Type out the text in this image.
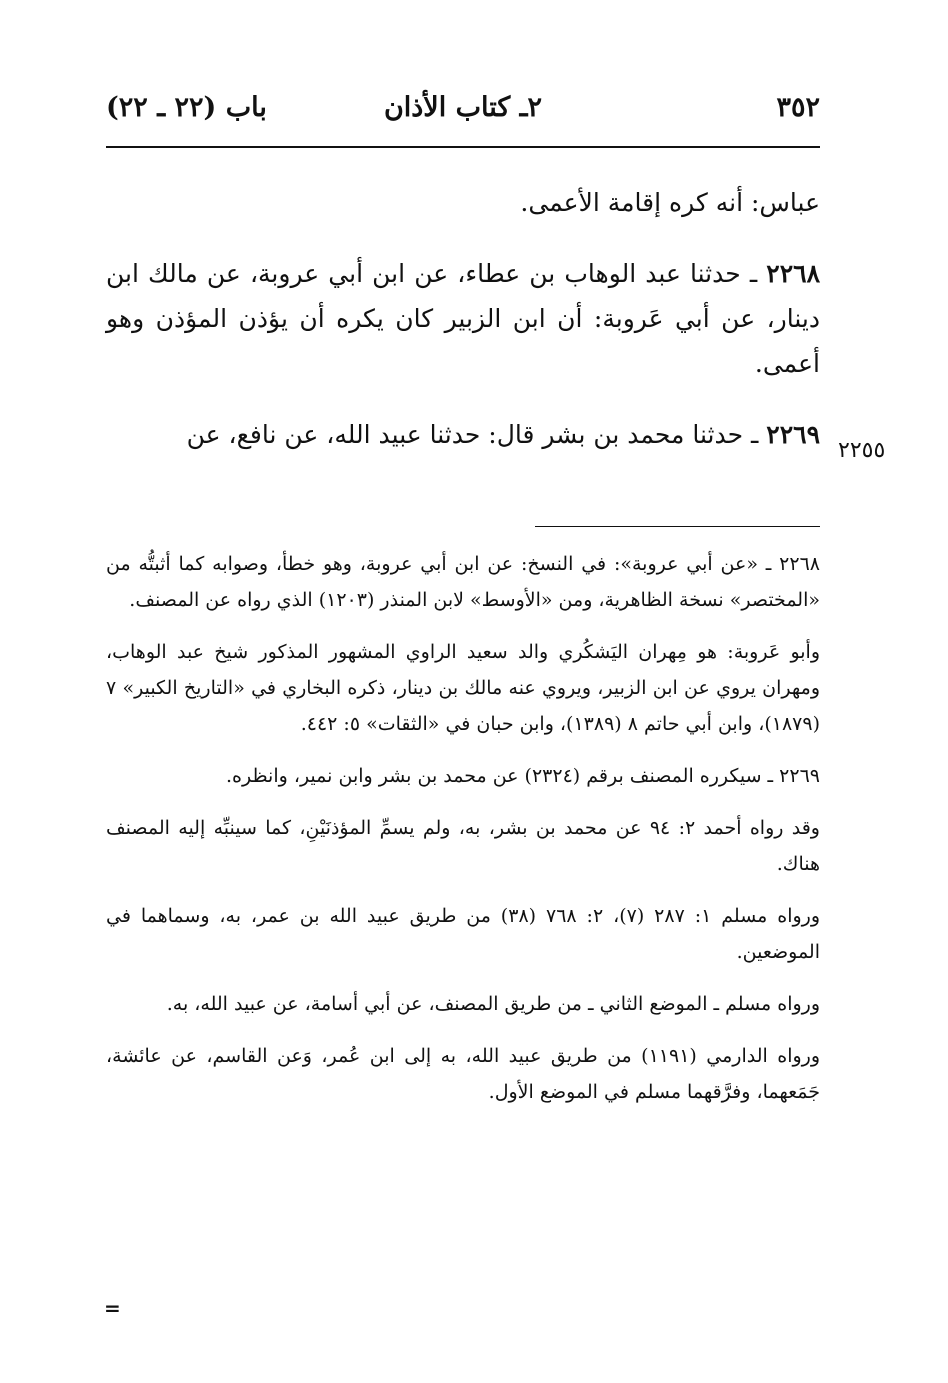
٣٥٢
٢ـ كتاب الأذان
باب (٢٢ ـ ٢٢)

عباس: أنه كره إقامة الأعمى.

٢٢٦٨ ـ حدثنا عبد الوهاب بن عطاء، عن ابن أبي عروبة، عن مالك ابن دينار، عن أبي عَروبة: أن ابن الزبير كان يكره أن يؤذن المؤذن وهو أعمى.

٢٢٦٩ ـ حدثنا محمد بن بشر قال: حدثنا عبيد الله، عن نافع، عن

٢٢٥٥

٢٢٦٨ ـ «عن أبي عروبة»: في النسخ: عن ابن أبي عروبة، وهو خطأ، وصوابه كما أثبتُّه من «المختصر» نسخة الظاهرية، ومن «الأوسط» لابن المنذر (١٢٠٣) الذي رواه عن المصنف.

وأبو عَروبة: هو مِهران اليَشكُري والد سعيد الراوي المشهور المذكور شيخ عبد الوهاب، ومهران يروي عن ابن الزبير، ويروي عنه مالك بن دينار، ذكره البخاري في «التاريخ الكبير» ٧ (١٨٧٩)، وابن أبي حاتم ٨ (١٣٨٩)، وابن حبان في «الثقات» ٥: ٤٤٢.

٢٢٦٩ ـ سيكرره المصنف برقم (٢٣٢٤) عن محمد بن بشر وابن نمير، وانظره.

وقد رواه أحمد ٢: ٩٤ عن محمد بن بشر، به، ولم يسمِّ المؤذنَيْنِ، كما سينبِّه إليه المصنف هناك.

ورواه مسلم ١: ٢٨٧ (٧)، ٢: ٧٦٨ (٣٨) من طريق عبيد الله بن عمر، به، وسماهما في الموضعين.

ورواه مسلم ـ الموضع الثاني ـ من طريق المصنف، عن أبي أسامة، عن عبيد الله، به.

ورواه الدارمي (١١٩١) من طريق عبيد الله، به إلى ابن عُمر، وَعن القاسم، عن عائشة، جَمَعهما، وفرَّقهما مسلم في الموضع الأول.

=
